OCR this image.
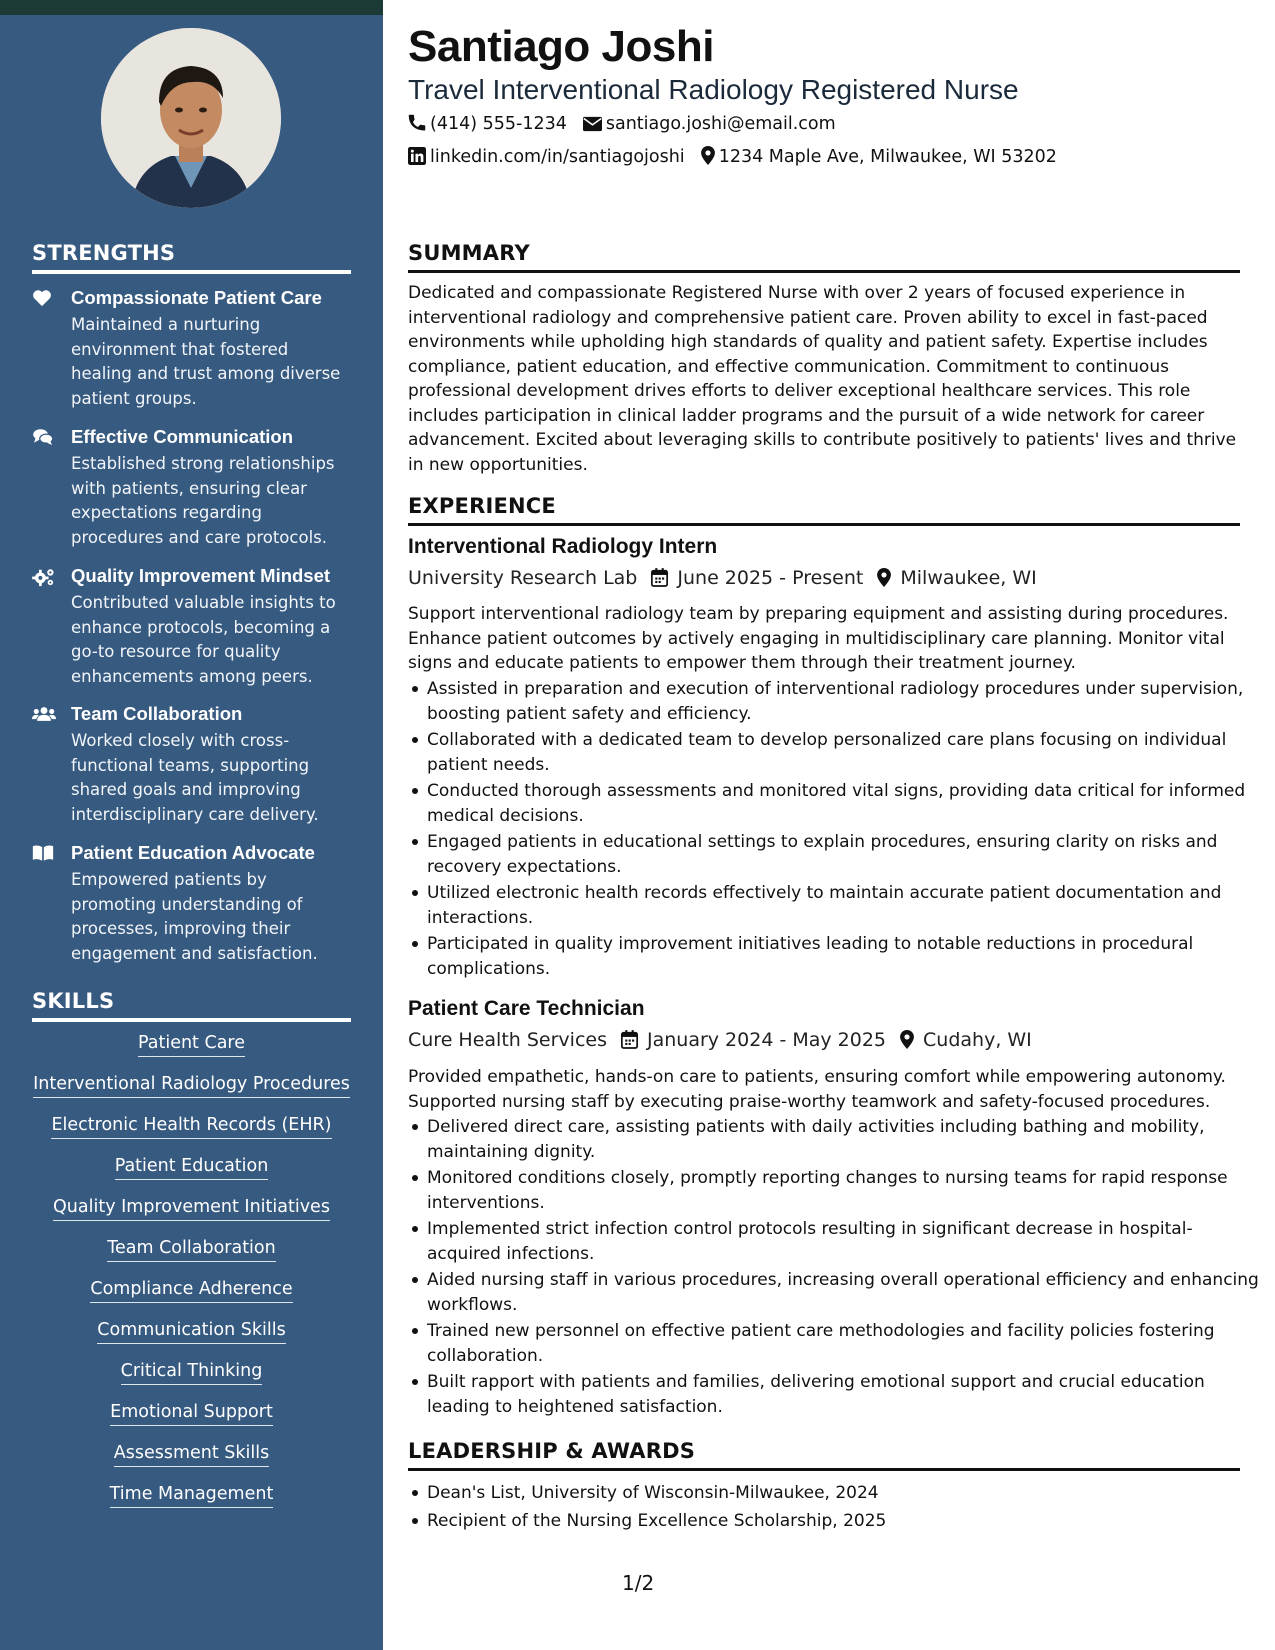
STRENGTHS
Compassionate Patient Care
Maintained a nurturing environment that fostered healing and trust among diverse patient groups.
Effective Communication
Established strong relationships with patients, ensuring clear expectations regarding procedures and care protocols.
Quality Improvement Mindset
Contributed valuable insights to enhance protocols, becoming a go-to resource for quality enhancements among peers.
Team Collaboration
Worked closely with cross-functional teams, supporting shared goals and improving interdisciplinary care delivery.
Patient Education Advocate
Empowered patients by promoting understanding of processes, improving their engagement and satisfaction.
SKILLS
Patient Care
Interventional Radiology Procedures
Electronic Health Records (EHR)
Patient Education
Quality Improvement Initiatives
Team Collaboration
Compliance Adherence
Communication Skills
Critical Thinking
Emotional Support
Assessment Skills
Time Management
Santiago Joshi
Travel Interventional Radiology Registered Nurse
(414) 555-1234 santiago.joshi@email.com
linkedin.com/in/santiagojoshi 1234 Maple Ave, Milwaukee, WI 53202
SUMMARY
Dedicated and compassionate Registered Nurse with over 2 years of focused experience in interventional radiology and comprehensive patient care. Proven ability to excel in fast-paced environments while upholding high standards of quality and patient safety. Expertise includes compliance, patient education, and effective communication. Commitment to continuous professional development drives efforts to deliver exceptional healthcare services. This role includes participation in clinical ladder programs and the pursuit of a wide network for career advancement. Excited about leveraging skills to contribute positively to patients' lives and thrive in new opportunities.
EXPERIENCE
Interventional Radiology Intern
University Research Lab June 2025 - Present Milwaukee, WI
Support interventional radiology team by preparing equipment and assisting during procedures. Enhance patient outcomes by actively engaging in multidisciplinary care planning. Monitor vital signs and educate patients to empower them through their treatment journey.
Assisted in preparation and execution of interventional radiology procedures under supervision, boosting patient safety and efficiency.
Collaborated with a dedicated team to develop personalized care plans focusing on individual patient needs.
Conducted thorough assessments and monitored vital signs, providing data critical for informed medical decisions.
Engaged patients in educational settings to explain procedures, ensuring clarity on risks and recovery expectations.
Utilized electronic health records effectively to maintain accurate patient documentation and interactions.
Participated in quality improvement initiatives leading to notable reductions in procedural complications.
Patient Care Technician
Cure Health Services January 2024 - May 2025 Cudahy, WI
Provided empathetic, hands-on care to patients, ensuring comfort while empowering autonomy. Supported nursing staff by executing praise-worthy teamwork and safety-focused procedures.
Delivered direct care, assisting patients with daily activities including bathing and mobility, maintaining dignity.
Monitored conditions closely, promptly reporting changes to nursing teams for rapid response interventions.
Implemented strict infection control protocols resulting in significant decrease in hospital-acquired infections.
Aided nursing staff in various procedures, increasing overall operational efficiency and enhancing workflows.
Trained new personnel on effective patient care methodologies and facility policies fostering collaboration.
Built rapport with patients and families, delivering emotional support and crucial education leading to heightened satisfaction.
LEADERSHIP & AWARDS
Dean's List, University of Wisconsin-Milwaukee, 2024
Recipient of the Nursing Excellence Scholarship, 2025
1/2
